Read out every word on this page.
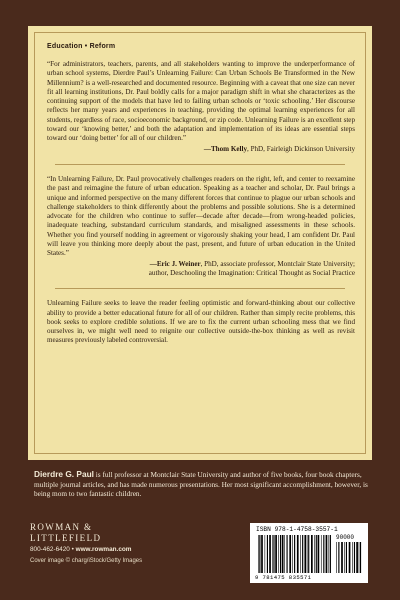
Education • Reform
“For administrators, teachers, parents, and all stakeholders wanting to improve the underperformance of urban school systems, Dierdre Paul’s Unlearning Failure: Can Urban Schools Be Transformed in the New Millennium? is a well-researched and documented resource. Beginning with a caveat that one size can never fit all learning institutions, Dr. Paul boldly calls for a major paradigm shift in what she characterizes as the continuing support of the models that have led to failing urban schools or ‘toxic schooling.’ Her discourse reflects her many years and experiences in teaching, providing the optimal learning experiences for all students, regardless of race, socioeconomic background, or zip code. Unlearning Failure is an excellent step toward our ‘knowing better,’ and both the adaptation and implementation of its ideas are essential steps toward our ‘doing better’ for all of our children.”
—Thom Kelly, PhD, Fairleigh Dickinson University
“In Unlearning Failure, Dr. Paul provocatively challenges readers on the right, left, and center to reexamine the past and reimagine the future of urban education. Speaking as a teacher and scholar, Dr. Paul brings a unique and informed perspective on the many different forces that continue to plague our urban schools and challenge stakeholders to think differently about the problems and possible solutions. She is a determined advocate for the children who continue to suffer—decade after decade—from wrong-headed policies, inadequate teaching, substandard curriculum standards, and misaligned assessments in these schools. Whether you find yourself nodding in agreement or vigorously shaking your head, I am confident Dr. Paul will leave you thinking more deeply about the past, present, and future of urban education in the United States.”
—Eric J. Weiner, PhD, associate professor, Montclair State University;
author, Deschooling the Imagination: Critical Thought as Social Practice
Unlearning Failure seeks to leave the reader feeling optimistic and forward-thinking about our collective ability to provide a better educational future for all of our children. Rather than simply recite problems, this book seeks to explore credible solutions. If we are to fix the current urban schooling mess that we find ourselves in, we might well need to reignite our collective outside-the-box thinking as well as revisit measures previously labeled controversial.
Dierdre G. Paul is full professor at Montclair State University and author of five books, four book chapters, multiple journal articles, and has made numerous presentations. Her most significant accomplishment, however, is being mom to two fantastic children.
ROWMAN &
LITTLEFIELD
800-462-6420 • www.rowman.com
Cover image © charg/iStock/Getty Images
ISBN 978-1-4758-3557-1
90000
9 781475 835571
